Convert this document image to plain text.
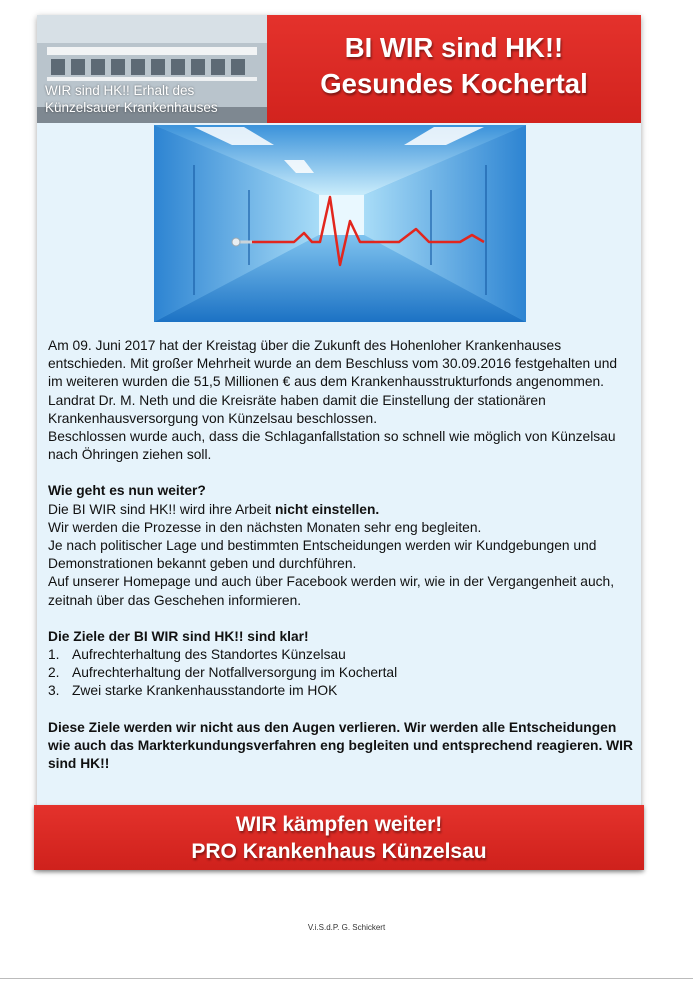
WIR sind HK!! Erhalt des Künzelsauer Krankenhauses
BI WIR sind HK!!
Gesundes Kochertal

Am 09. Juni 2017 hat der Kreistag über die Zukunft des Hohenloher Krankenhauses entschieden. Mit großer Mehrheit wurde an dem Beschluss vom 30.09.2016 festgehalten und im weiteren wurden die 51,5 Millionen € aus dem Krankenhausstrukturfonds angenommen. Landrat Dr. M. Neth und die Kreisräte haben damit die Einstellung der stationären Krankenhausversorgung von Künzelsau beschlossen.

Beschlossen wurde auch, dass die Schlaganfallstation so schnell wie möglich von Künzelsau nach Öhringen ziehen soll.

Wie geht es nun weiter?

Die BI WIR sind HK!! wird ihre Arbeit nicht einstellen.

Wir werden die Prozesse in den nächsten Monaten sehr eng begleiten.

Je nach politischer Lage und bestimmten Entscheidungen werden wir Kundgebungen und Demonstrationen bekannt geben und durchführen.

Auf unserer Homepage und auch über Facebook werden wir, wie in der Vergangenheit auch, zeitnah über das Geschehen informieren.

Die Ziele der BI WIR sind HK!! sind klar!

1. Aufrechterhaltung des Standortes Künzelsau
2. Aufrechterhaltung der Notfallversorgung im Kochertal
3. Zwei starke Krankenhausstandorte im HOK

Diese Ziele werden wir nicht aus den Augen verlieren. Wir werden alle Entscheidungen wie auch das Markterkundungsverfahren eng begleiten und entsprechend reagieren. WIR sind HK!!

WIR kämpfen weiter!
PRO Krankenhaus Künzelsau
V.i.S.d.P. G. Schickert
